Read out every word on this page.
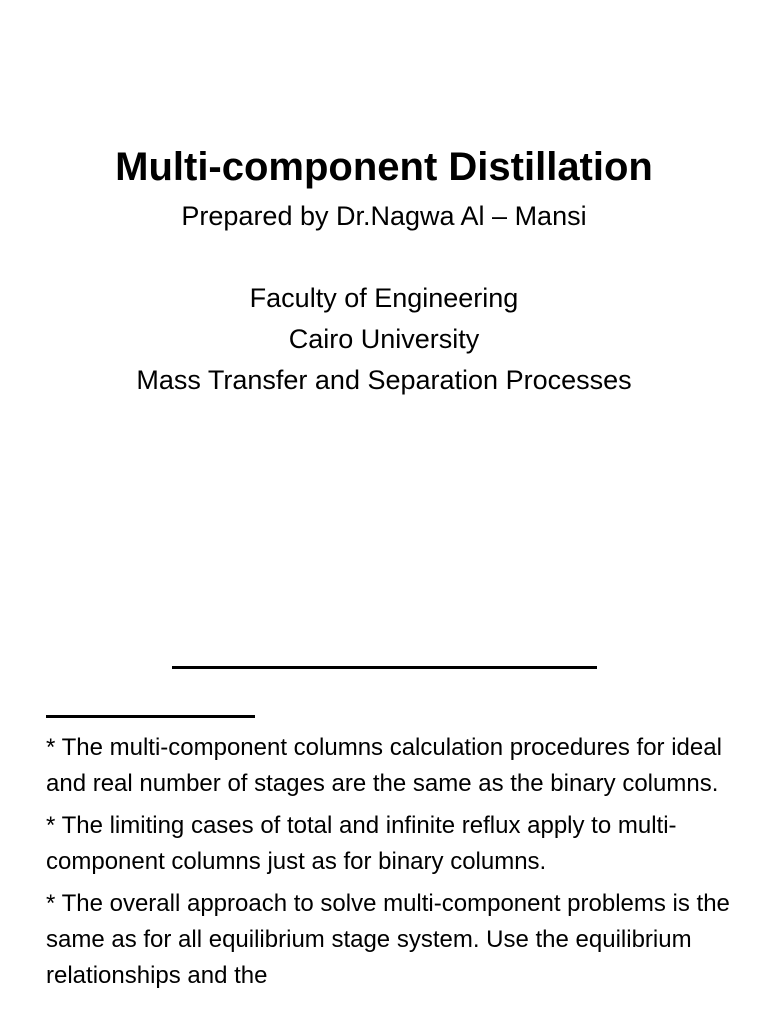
Multi-component Distillation
Prepared by Dr.Nagwa Al – Mansi
Faculty of Engineering
Cairo University
Mass Transfer and Separation Processes

* The multi-component columns calculation procedures for ideal and real number of stages are the same as the binary columns.

* The limiting cases of total and infinite reflux apply to multi-component columns just as for binary columns.

* The overall approach to solve multi-component problems is the same as for all equilibrium stage system. Use the equilibrium relationships and the
